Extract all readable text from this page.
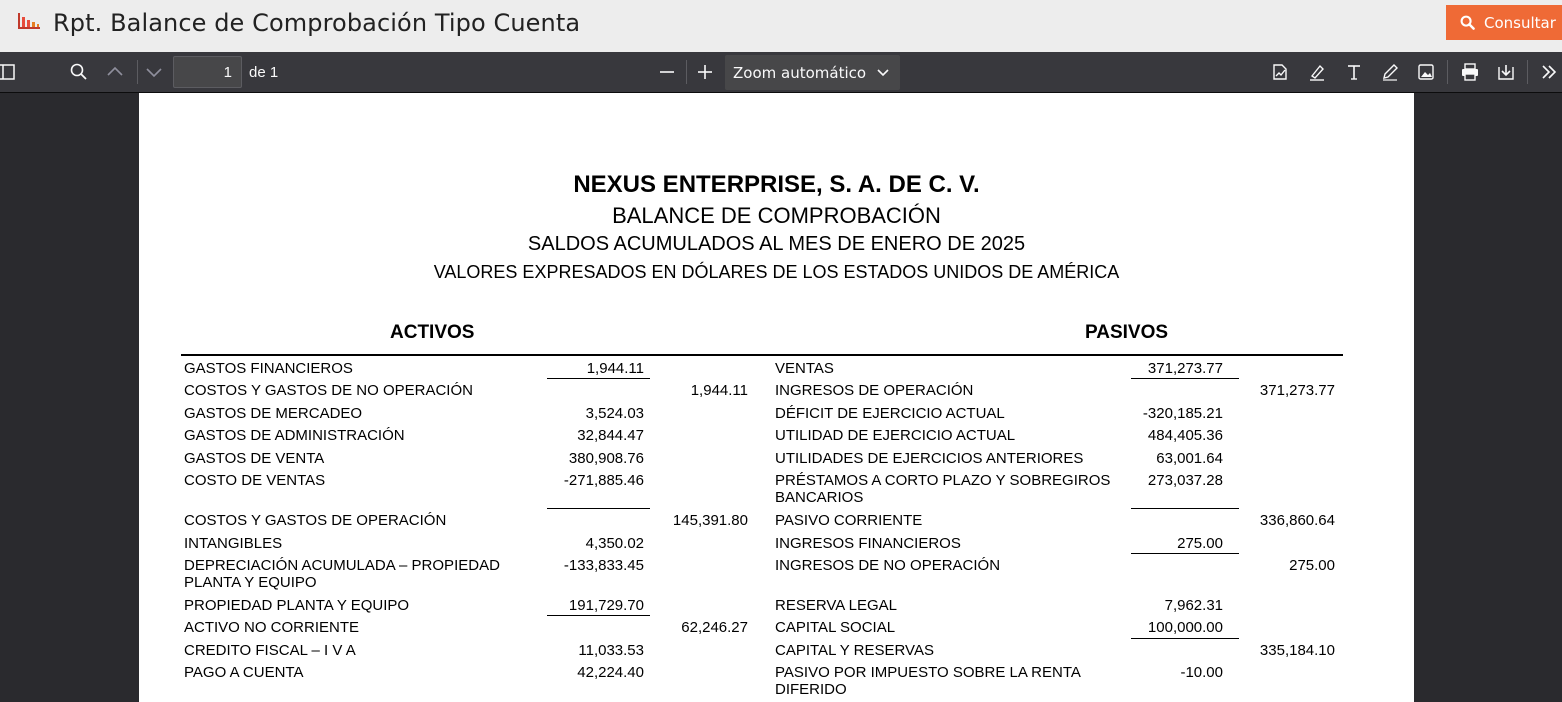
Rpt. Balance de Comprobación Tipo Cuenta	Consultar
1
de 1	Zoom automático
NEXUS ENTERPRISE, S. A. DE C. V.
BALANCE DE COMPROBACIÓN
SALDOS ACUMULADOS AL MES DE ENERO DE 2025
VALORES EXPRESADOS EN DÓLARES DE LOS ESTADOS UNIDOS DE AMÉRICA
ACTIVOS	PASIVOS
GASTOS FINANCIEROS	1,944.11
COSTOS Y GASTOS DE NO OPERACIÓN	1,944.11
GASTOS DE MERCADEO	3,524.03
GASTOS DE ADMINISTRACIÓN	32,844.47
GASTOS DE VENTA	380,908.76
COSTO DE VENTAS	-271,885.46
COSTOS Y GASTOS DE OPERACIÓN	145,391.80
INTANGIBLES	4,350.02
DEPRECIACIÓN ACUMULADA – PROPIEDAD
PLANTA Y EQUIPO
-133,833.45
PROPIEDAD PLANTA Y EQUIPO	191,729.70
ACTIVO NO CORRIENTE	62,246.27
CREDITO FISCAL – I V A	11,033.53
PAGO A CUENTA	42,224.40
VENTAS	371,273.77
INGRESOS DE OPERACIÓN	371,273.77
DÉFICIT DE EJERCICIO ACTUAL	-320,185.21
UTILIDAD DE EJERCICIO ACTUAL	484,405.36
UTILIDADES DE EJERCICIOS ANTERIORES	63,001.64
PRÉSTAMOS A CORTO PLAZO Y SOBREGIROS
BANCARIOS
273,037.28
PASIVO CORRIENTE	336,860.64
INGRESOS FINANCIEROS	275.00
INGRESOS DE NO OPERACIÓN	275.00
RESERVA LEGAL	7,962.31
CAPITAL SOCIAL	100,000.00
CAPITAL Y RESERVAS	335,184.10
PASIVO POR IMPUESTO SOBRE LA RENTA
DIFERIDO
-10.00
